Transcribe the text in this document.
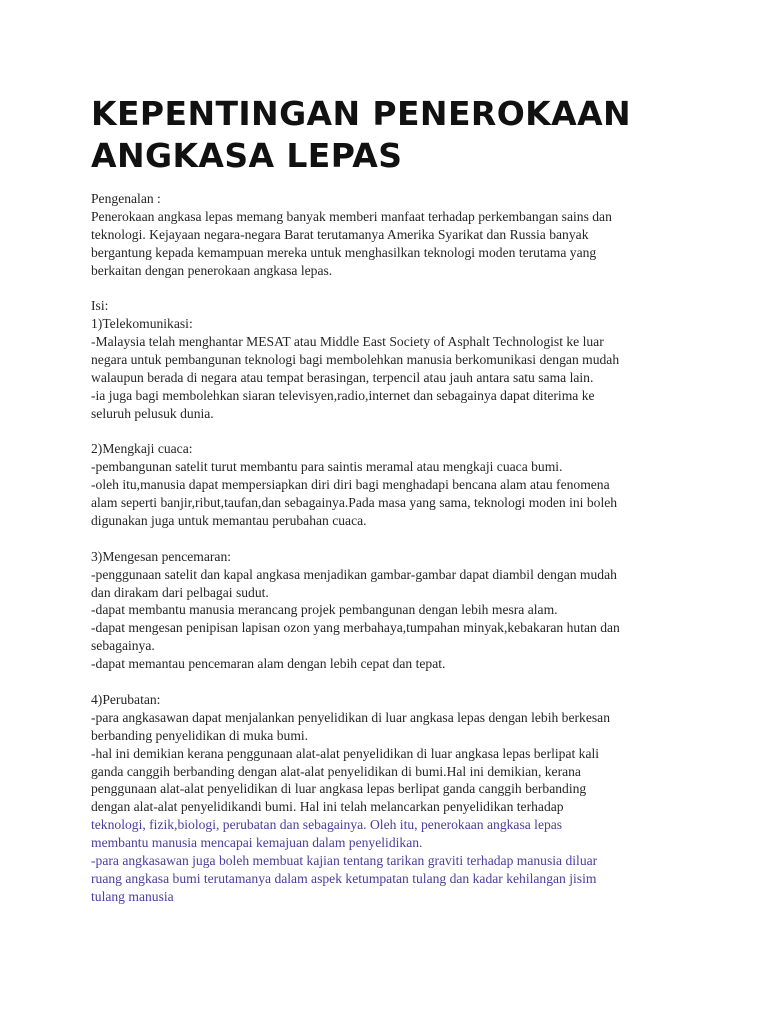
KEPENTINGAN PENEROKAAN
ANGKASA LEPAS
Pengenalan :
Penerokaan angkasa lepas memang banyak memberi manfaat terhadap perkembangan sains dan
teknologi. Kejayaan negara-negara Barat terutamanya Amerika Syarikat dan Russia banyak
bergantung kepada kemampuan mereka untuk menghasilkan teknologi moden terutama yang
berkaitan dengan penerokaan angkasa lepas.
Isi:
1)Telekomunikasi:
-Malaysia telah menghantar MESAT atau Middle East Society of Asphalt Technologist ke luar
negara untuk pembangunan teknologi bagi membolehkan manusia berkomunikasi dengan mudah
walaupun berada di negara atau tempat berasingan, terpencil atau jauh antara satu sama lain.
-ia juga bagi membolehkan siaran televisyen,radio,internet dan sebagainya dapat diterima ke
seluruh pelusuk dunia.
2)Mengkaji cuaca:
-pembangunan satelit turut membantu para saintis meramal atau mengkaji cuaca bumi.
-oleh itu,manusia dapat mempersiapkan diri diri bagi menghadapi bencana alam atau fenomena
alam seperti banjir,ribut,taufan,dan sebagainya.Pada masa yang sama, teknologi moden ini boleh
digunakan juga untuk memantau perubahan cuaca.
3)Mengesan pencemaran:
-penggunaan satelit dan kapal angkasa menjadikan gambar-gambar dapat diambil dengan mudah
dan dirakam dari pelbagai sudut.
-dapat membantu manusia merancang projek pembangunan dengan lebih mesra alam.
-dapat mengesan penipisan lapisan ozon yang merbahaya,tumpahan minyak,kebakaran hutan dan
sebagainya.
-dapat memantau pencemaran alam dengan lebih cepat dan tepat.
4)Perubatan:
-para angkasawan dapat menjalankan penyelidikan di luar angkasa lepas dengan lebih berkesan
berbanding penyelidikan di muka bumi.
-hal ini demikian kerana penggunaan alat-alat penyelidikan di luar angkasa lepas berlipat kali
ganda canggih berbanding dengan alat-alat penyelidikan di bumi.Hal ini demikian, kerana
penggunaan alat-alat penyelidikan di luar angkasa lepas berlipat ganda canggih berbanding
dengan alat-alat penyelidikandi bumi. Hal ini telah melancarkan penyelidikan terhadap
teknologi, fizik,biologi, perubatan dan sebagainya. Oleh itu, penerokaan angkasa lepas
membantu manusia mencapai kemajuan dalam penyelidikan.
-para angkasawan juga boleh membuat kajian tentang tarikan graviti terhadap manusia diluar
ruang angkasa bumi terutamanya dalam aspek ketumpatan tulang dan kadar kehilangan jisim
tulang manusia
